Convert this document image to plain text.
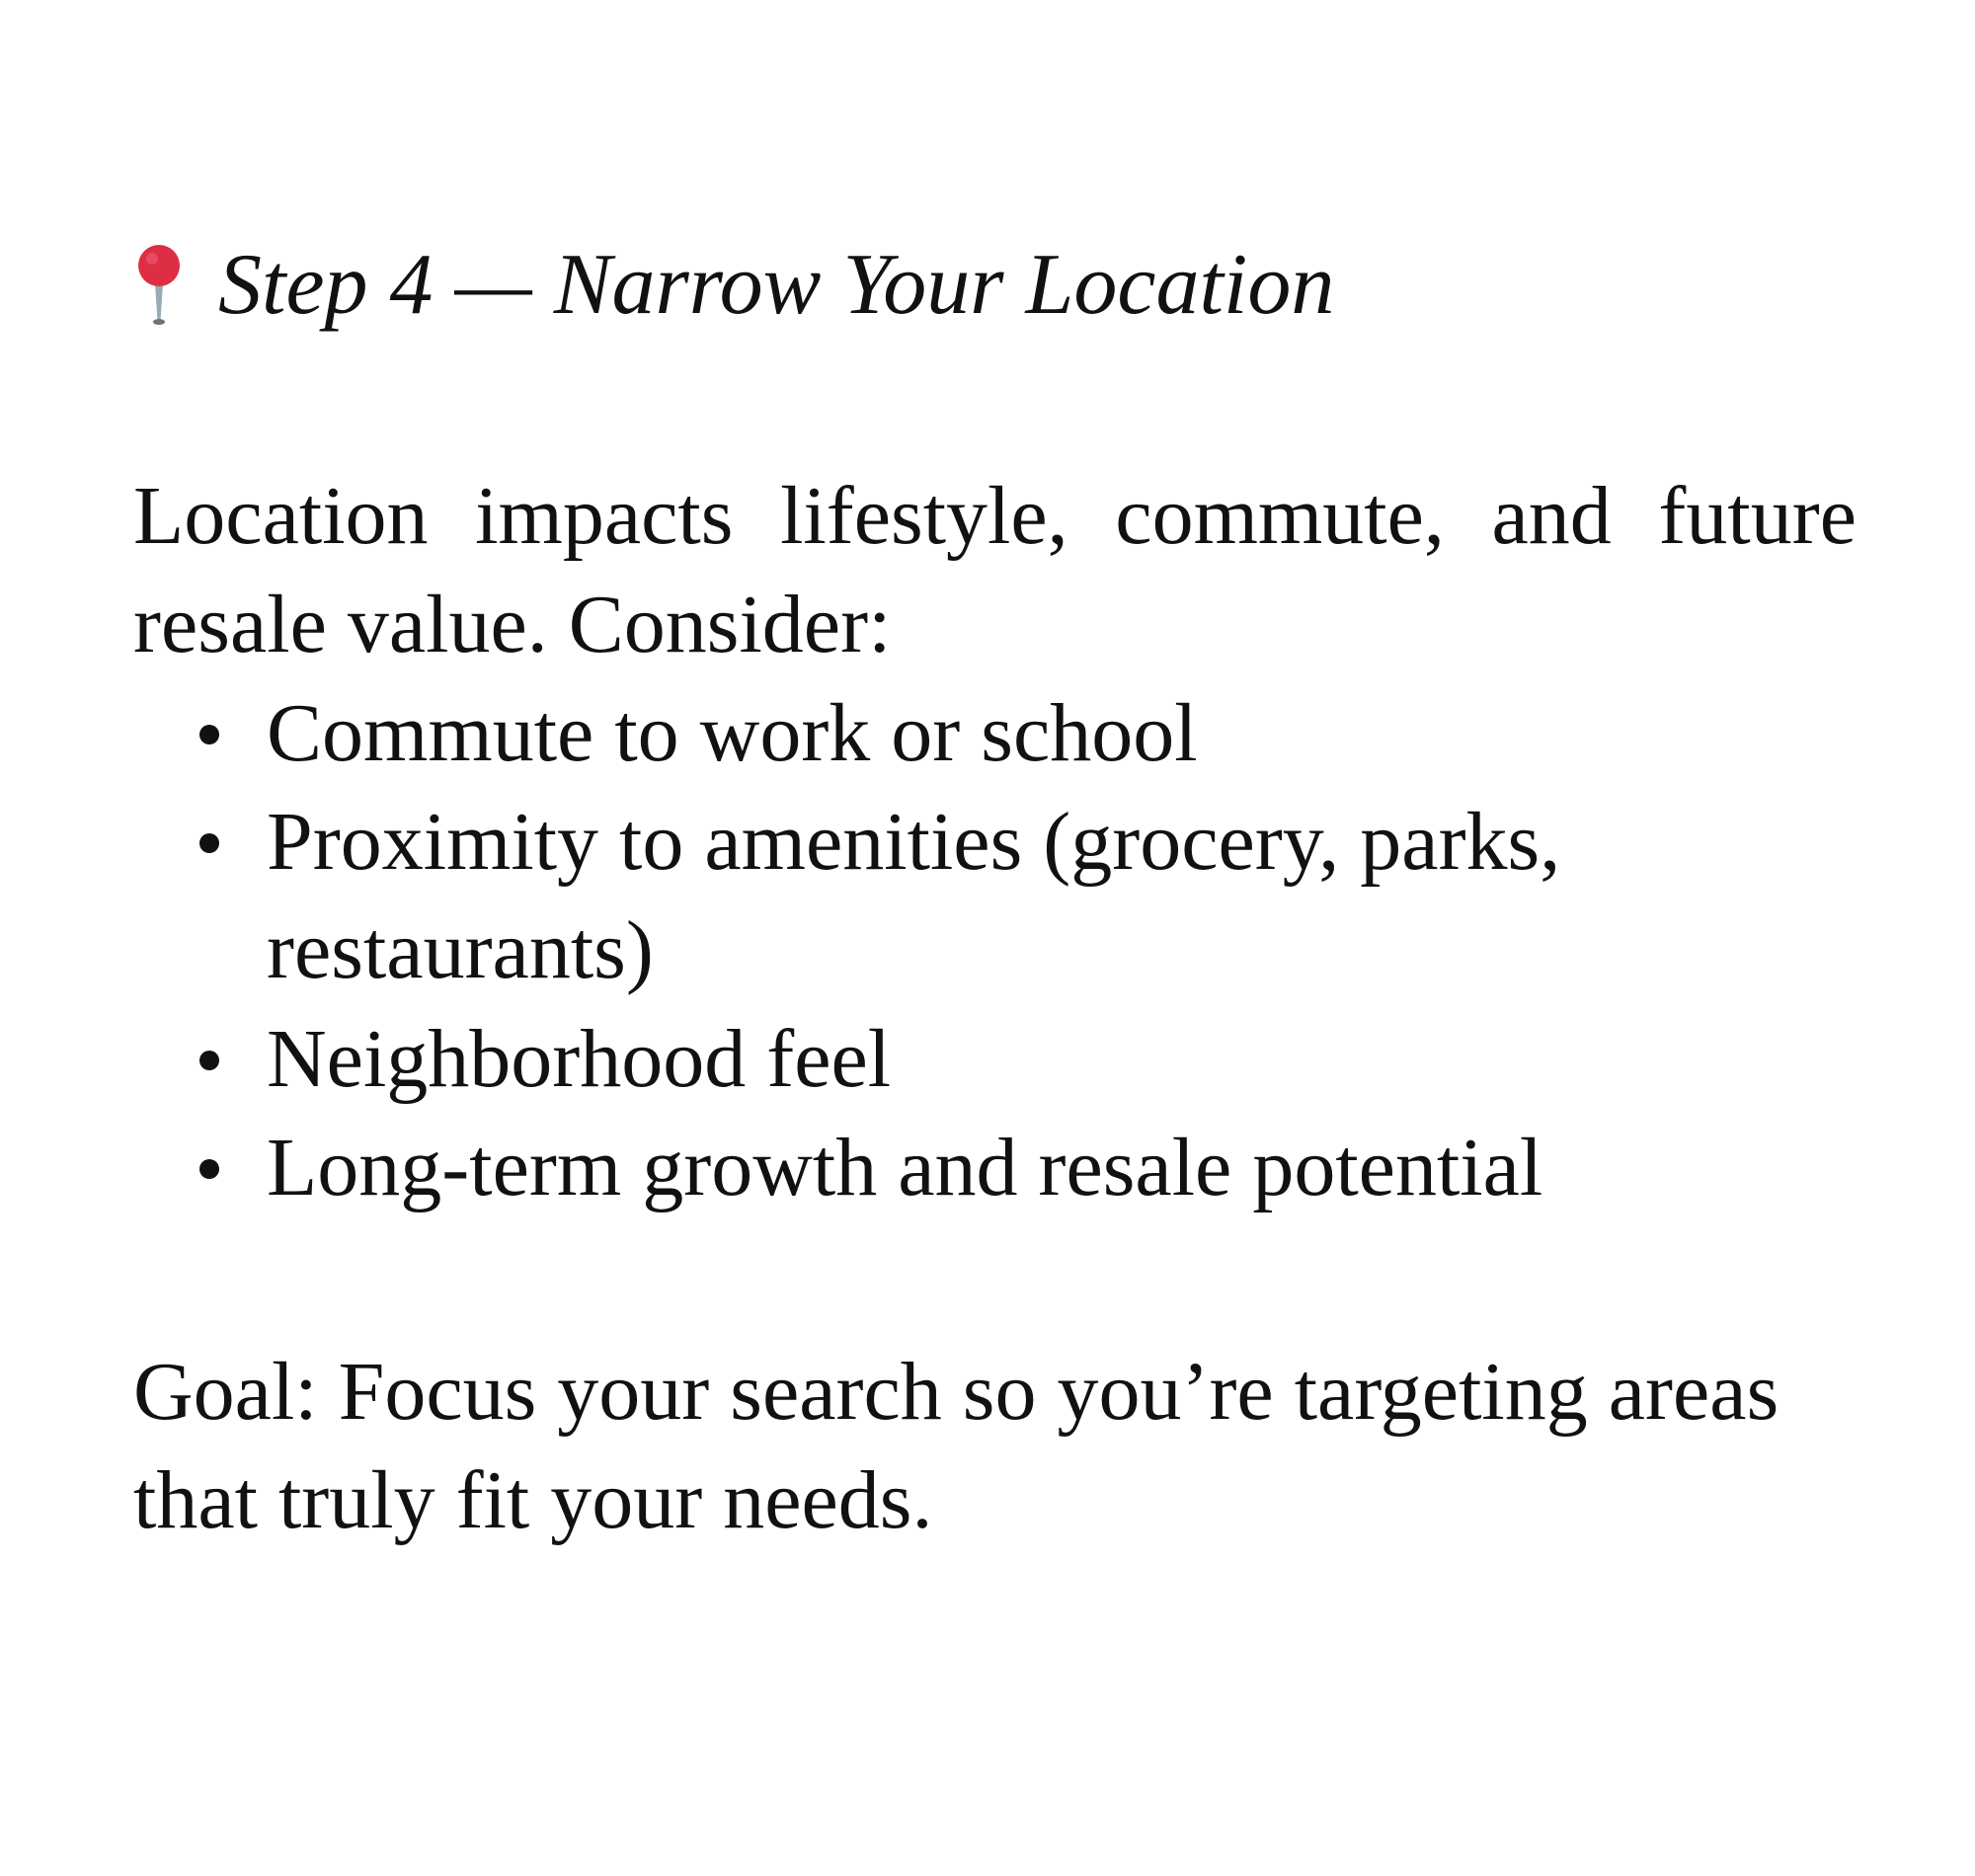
Step 4 — Narrow Your Location

Location impacts lifestyle, commute, and future resale value. Consider:

Commute to work or school
Proximity to amenities (grocery, parks, restaurants)
Neighborhood feel
Long-term growth and resale potential

Goal: Focus your search so you’re targeting areas that truly fit your needs.
